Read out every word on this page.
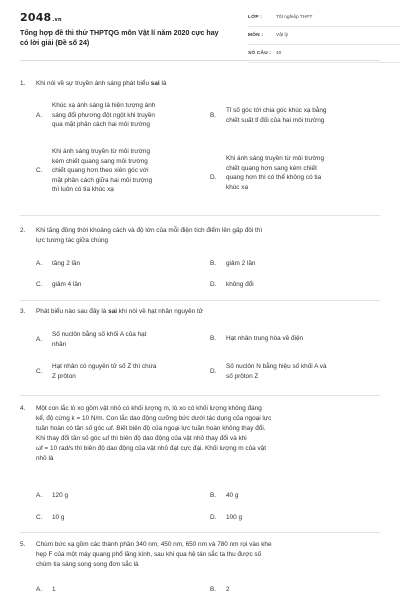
2048.vn
Tổng hợp đề thi thử THPTQG môn Vật lí năm 2020 cực hay
có lời giải (Đề số 24)
LỚP :	Tốt nghiệp THPT
MÔN :	Vật lý
SỐ CÂU : 40
1.	Khi nói về sự truyền ánh sáng phát biểu sai là
A.
Khúc xạ ánh sáng là hiện tượng ánh
sáng đổi phương đột ngột khi truyền
qua mặt phân cách hai môi trường
B.
Tỉ số góc tới chia góc khúc xạ bằng
chiết suất tỉ đối của hai môi trường
C.
Khi ánh sáng truyền từ môi trường
kém chiết quang sang môi trường
chiết quang hơn theo xiên góc với
mặt phân cách giữa hai môi trường
thì luôn có tia khúc xạ
D.
Khi ánh sáng truyền từ môi trường
chiết quang hơn sang kém chiết
quang hơn thì có thể không có tia
khúc xạ
2.	Khi tăng đồng thời khoảng cách và độ lớn của mỗi điện tích điểm lên gấp đôi thì
lực tương tác giữa chúng
A.	tăng 2 lần	B.	giảm 2 lần
C.	giảm 4 lần	D.	không đổi
3.	Phát biểu nào sau đây là sai khi nói về hạt nhân nguyên tử
A.
Số nuclôn bằng số khối A của hạt
nhân
B.	Hạt nhân trung hòa về điện
C.
Hạt nhân có nguyên tử số Z thì chứa
Z prôton
D.
Số nuclôn N bằng hiệu số khối A và
số prôton Z
4.	Một con lắc lò xo gồm vật nhỏ có khối lượng m, lò xo có khối lượng không đáng
kể, độ cứng k = 10 N/m. Con lắc dao động cưỡng bức dưới tác dụng của ngoại lực
tuần hoàn có tần số góc ωf. Biết biên độ của ngoại lực tuần hoàn không thay đổi.
Khi thay đổi tần số góc ωf thì biên độ dao động của vật nhỏ thay đổi và khi
ωf = 10 rad/s thì biên độ dao động của vật nhỏ đạt cực đại. Khối lượng m của vật
nhỏ là
A.	120 g	B.	40 g
C.	10 g	D.	100 g
5.	Chùm bức xạ gồm các thành phần 340 nm, 450 nm, 650 nm và 780 nm rọi vào khe
hẹp F của một máy quang phổ lăng kính, sau khi qua hệ tán sắc ta thu được số
chùm tia sáng song song đơn sắc là
A.	1	B.	2
